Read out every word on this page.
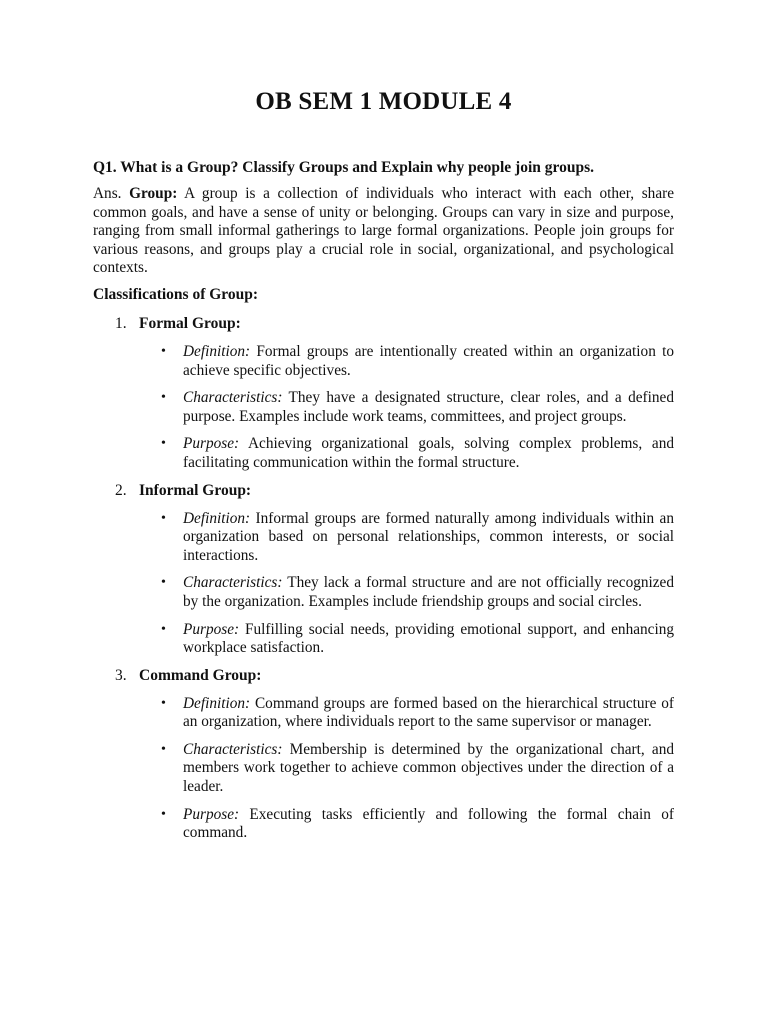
OB SEM 1 MODULE 4
Q1. What is a Group? Classify Groups and Explain why people join groups.
Ans. Group: A group is a collection of individuals who interact with each other, share common goals, and have a sense of unity or belonging. Groups can vary in size and purpose, ranging from small informal gatherings to large formal organizations. People join groups for various reasons, and groups play a crucial role in social, organizational, and psychological contexts.
Classifications of Group:
1. Formal Group:
•	Definition: Formal groups are intentionally created within an organization to achieve specific objectives.
•	Characteristics: They have a designated structure, clear roles, and a defined purpose. Examples include work teams, committees, and project groups.
•	Purpose: Achieving organizational goals, solving complex problems, and facilitating communication within the formal structure.
2. Informal Group:
•	Definition: Informal groups are formed naturally among individuals within an organization based on personal relationships, common interests, or social interactions.
•	Characteristics: They lack a formal structure and are not officially recognized by the organization. Examples include friendship groups and social circles.
•	Purpose: Fulfilling social needs, providing emotional support, and enhancing workplace satisfaction.
3. Command Group:
•	Definition: Command groups are formed based on the hierarchical structure of an organization, where individuals report to the same supervisor or manager.
•	Characteristics: Membership is determined by the organizational chart, and members work together to achieve common objectives under the direction of a leader.
•	Purpose: Executing tasks efficiently and following the formal chain of command.
